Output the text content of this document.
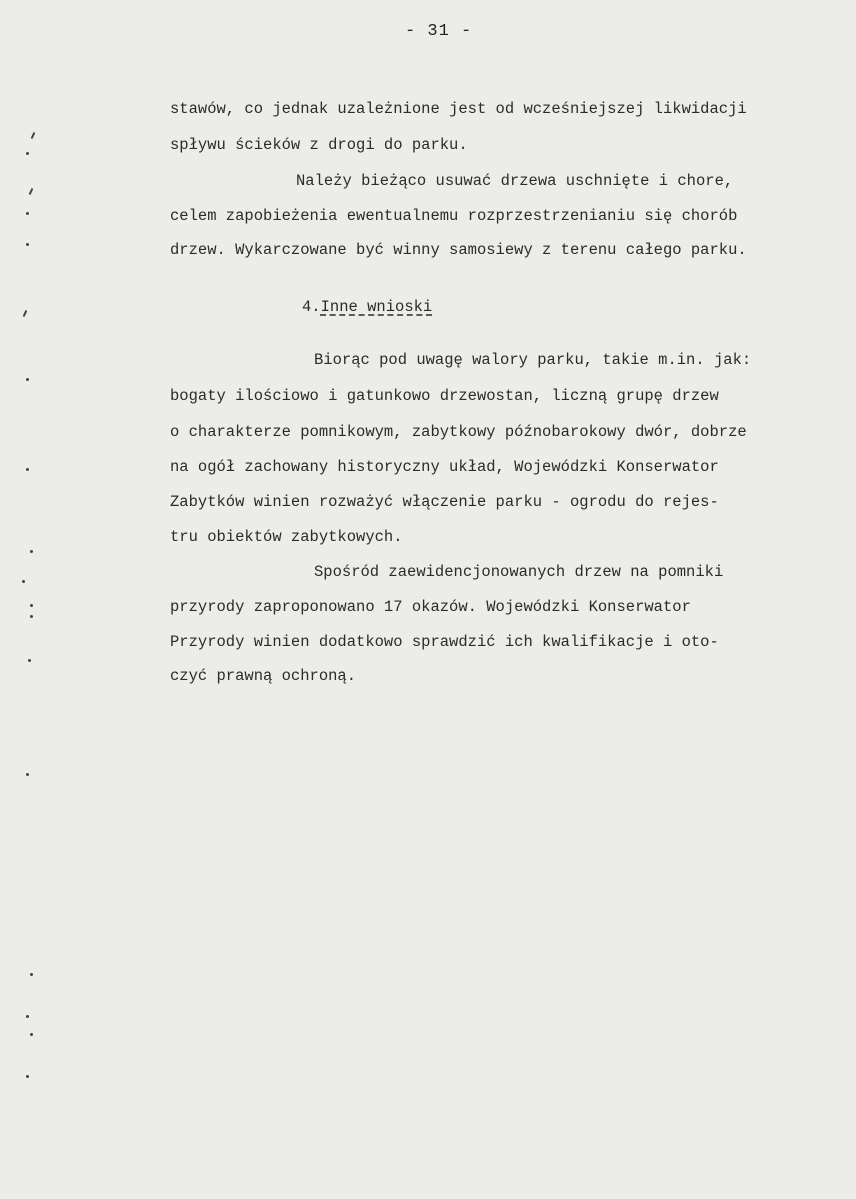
- 31 -
stawów, co jednak uzależnione jest od wcześniejszej likwidacji
spływu ścieków z drogi do parku.
Należy bieżąco usuwać drzewa uschnięte i chore,
celem zapobieżenia ewentualnemu rozprzestrzenianiu się chorób
drzew. Wykarczowane być winny samosiewy z terenu całego parku.
4.Inne wnioski
Biorąc pod uwagę walory parku, takie m.in. jak:
bogaty ilościowo i gatunkowo drzewostan, liczną grupę drzew
o charakterze pomnikowym, zabytkowy późnobarokowy dwór, dobrze
na ogół zachowany historyczny układ, Wojewódzki Konserwator
Zabytków winien rozważyć włączenie parku - ogrodu do rejes-
tru obiektów zabytkowych.
Spośród zaewidencjonowanych drzew na pomniki
przyrody zaproponowano 17 okazów. Wojewódzki Konserwator
Przyrody winien dodatkowo sprawdzić ich kwalifikacje i oto-
czyć prawną ochroną.
